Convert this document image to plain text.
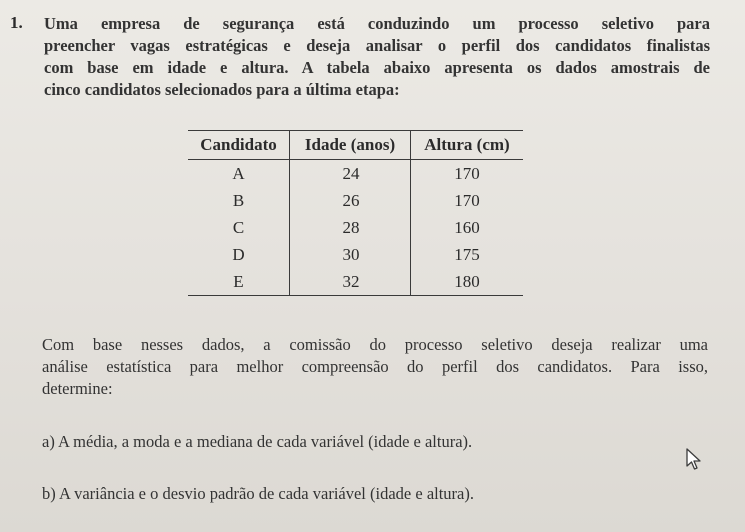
1. Uma empresa de segurança está conduzindo um processo seletivo para
preencher vagas estratégicas e deseja analisar o perfil dos candidatos finalistas
com base em idade e altura. A tabela abaixo apresenta os dados amostrais de
cinco candidatos selecionados para a última etapa:
Candidato	Idade (anos)	Altura (cm)
A	24	170
B	26	170
C	28	160
D	30	175
E	32	180
Com base nesses dados, a comissão do processo seletivo deseja realizar uma
análise estatística para melhor compreensão do perfil dos candidatos. Para isso,
determine:
a) A média, a moda e a mediana de cada variável (idade e altura).
b) A variância e o desvio padrão de cada variável (idade e altura).
